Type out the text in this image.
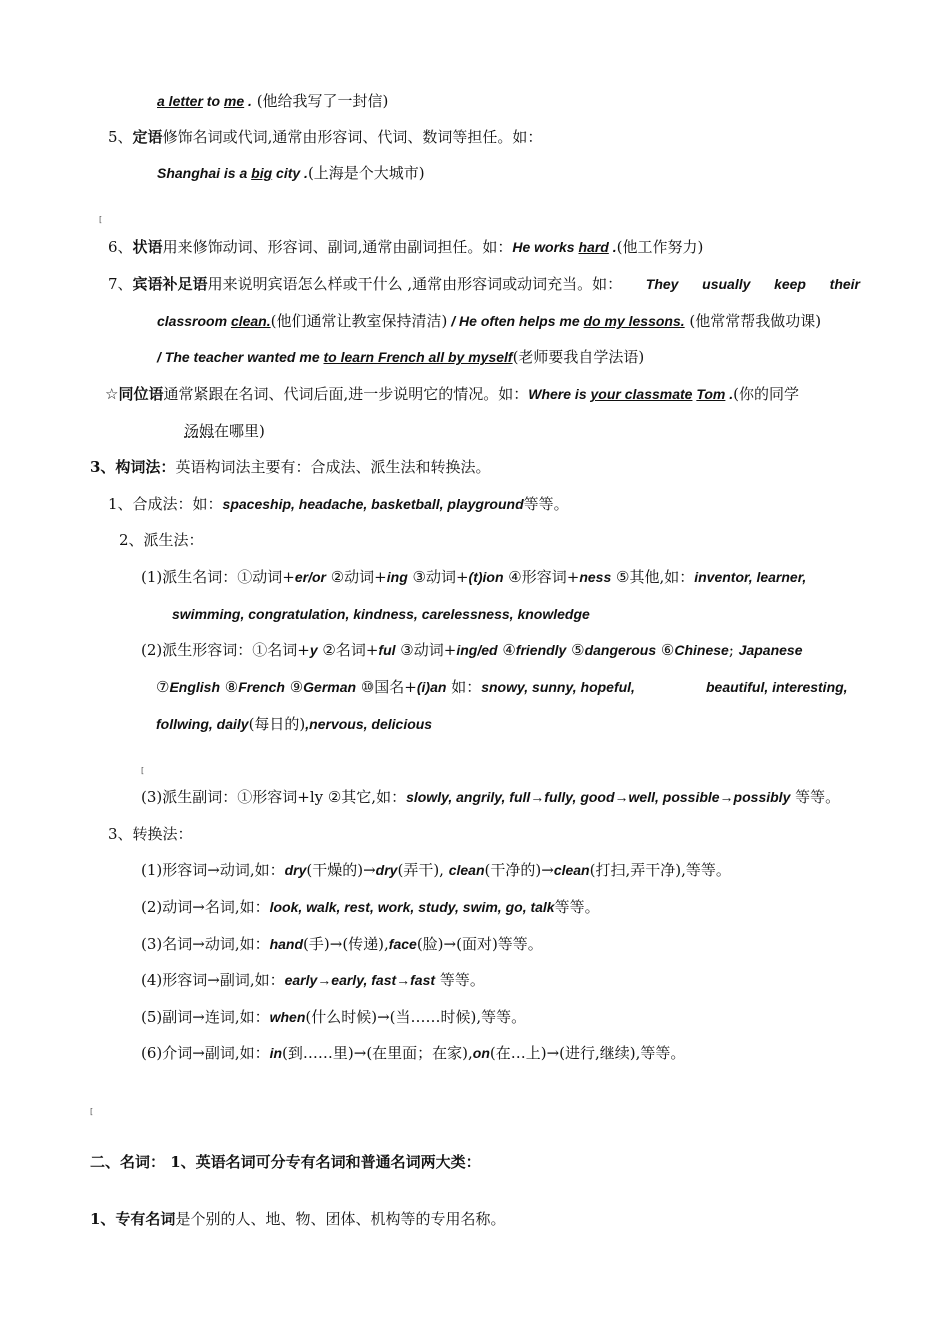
a letter to me . (他给我写了一封信)
5、定语修饰名词或代词,通常由形容词、代词、数词等担任。如：
Shanghai is a big city .(上海是个大城市)
[
6、状语用来修饰动词、形容词、副词,通常由副词担任。如：He works hard .(他工作努力)
7、宾语补足语用来说明宾语怎么样或干什么 ,通常由形容词或动词充当。如： They usually keep their
classroom clean.(他们通常让教室保持清洁) / He often helps me do my lessons. (他常常帮我做功课)
/ The teacher wanted me to learn French all by myself(老师要我自学法语)
☆同位语通常紧跟在名词、代词后面,进一步说明它的情况。如：Where is your classmate Tom .(你的同学
汤姆在哪里)
3、构词法：英语构词法主要有：合成法、派生法和转换法。
1、合成法：如：spaceship, headache, basketball, playground等等。
2、派生法：
(1)派生名词：①动词+er/or ②动词+ing ③动词+(t)ion ④形容词+ness ⑤其他,如：inventor, learner,
swimming, congratulation, kindness, carelessness, knowledge
(2)派生形容词：①名词+y ②名词+ful ③动词+ing/ed ④friendly ⑤dangerous ⑥Chinese; Japanese
⑦English ⑧French ⑨German ⑩国名+(i)an 如：snowy, sunny, hopeful,	beautiful, interesting,
follwing, daily(每日的),nervous, delicious
[
(3)派生副词：①形容词+ly ②其它,如：slowly, angrily, full→fully, good→well, possible→possibly 等等。
3、转换法：
(1)形容词→动词,如：dry(干燥的)→dry(弄干), clean(干净的)→clean(打扫,弄干净),等等。
(2)动词→名词,如：look, walk, rest, work, study, swim, go, talk等等。
(3)名词→动词,如：hand(手)→(传递),face(脸)→(面对)等等。
(4)形容词→副词,如：early→early, fast→fast 等等。
(5)副词→连词,如：when(什么时候)→(当……时候),等等。
(6)介词→副词,如：in(到……里)→(在里面；在家),on(在…上)→(进行,继续),等等。
[
二、名词： 1、英语名词可分专有名词和普通名词两大类：
1、专有名词是个别的人、地、物、团体、机构等的专用名称。
